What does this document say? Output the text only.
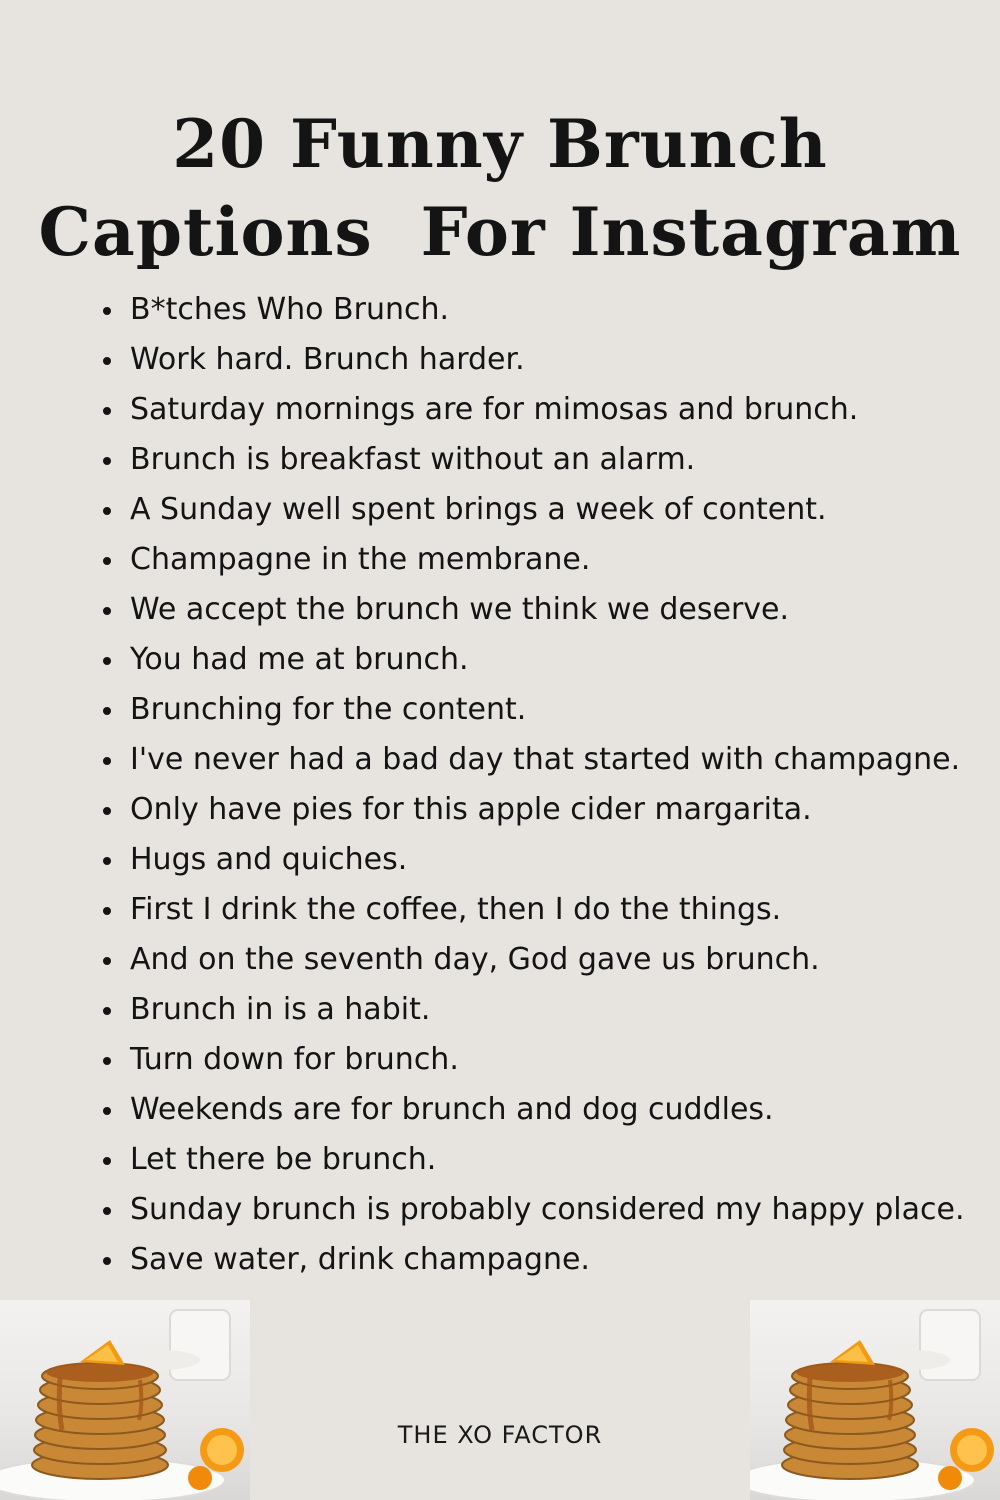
20 Funny Brunch
Captions  For Instagram
B*tches Who Brunch.
Work hard. Brunch harder.
Saturday mornings are for mimosas and brunch.
Brunch is breakfast without an alarm.
A Sunday well spent brings a week of content.
Champagne in the membrane.
We accept the brunch we think we deserve.
You had me at brunch.
Brunching for the content.
I've never had a bad day that started with champagne.
Only have pies for this apple cider margarita.
Hugs and quiches.
First I drink the coffee, then I do the things.
And on the seventh day, God gave us brunch.
Brunch in is a habit.
Turn down for brunch.
Weekends are for brunch and dog cuddles.
Let there be brunch.
Sunday brunch is probably considered my happy place.
Save water, drink champagne.
THE XO FACTOR
